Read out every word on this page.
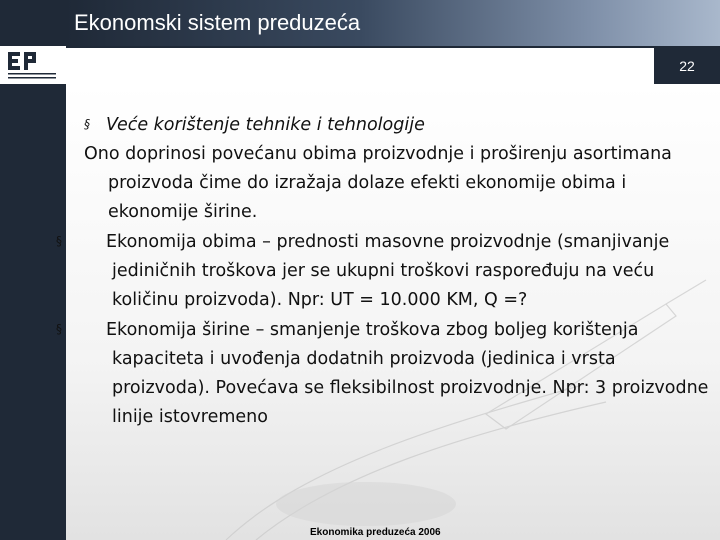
Ekonomski sistem preduzeća
22

§ Veće korištenje tehnike i tehnologije

Ono doprinosi povećanu obima proizvodnje i proširenju asortimana proizvoda čime do izražaja dolaze efekti ekonomije obima i ekonomije širine.

§	Ekonomija obima – prednosti masovne proizvodnje (smanjivanje jediničnih troškova jer se ukupni troškovi raspoređuju na veću količinu proizvoda). Npr: UT = 10.000 KM, Q =?

§	Ekonomija širine – smanjenje troškova zbog boljeg korištenja kapaciteta i uvođenja dodatnih proizvoda (jedinica i vrsta proizvoda). Povećava se fleksibilnost proizvodnje. Npr: 3 proizvodne linije istovremeno

Ekonomika preduzeća 2006
